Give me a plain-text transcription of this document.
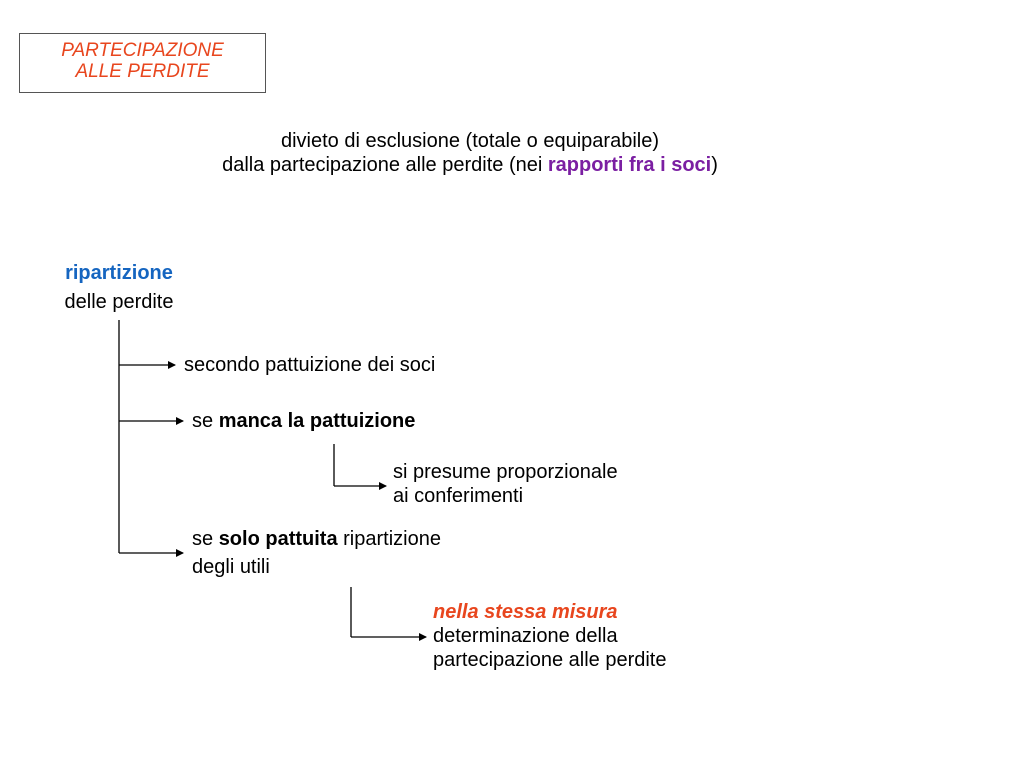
PARTECIPAZIONE
ALLE PERDITE
divieto di esclusione (totale o equiparabile)
dalla partecipazione alle perdite (nei rapporti fra i soci)
ripartizione
delle perdite
secondo pattuizione dei soci
se manca la pattuizione
si presume proporzionale
ai conferimenti
se solo pattuita ripartizione
degli utili
nella stessa misura
determinazione della
partecipazione alle perdite
